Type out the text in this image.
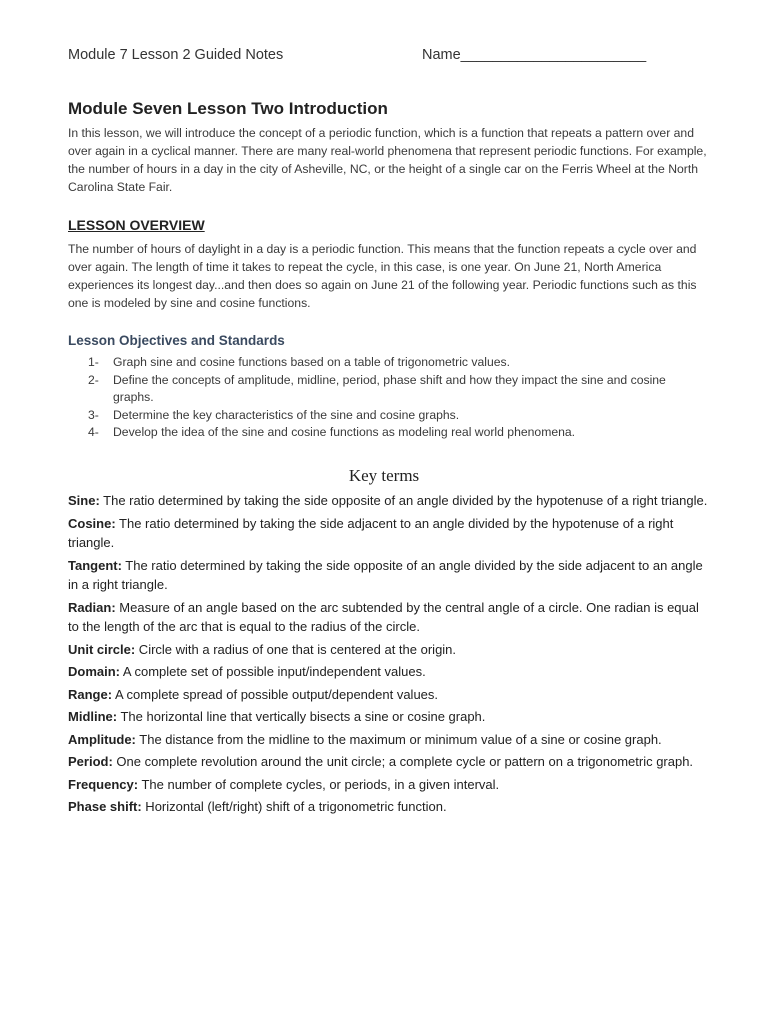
Module 7 Lesson 2 Guided Notes	Name_______________________
Module Seven Lesson Two Introduction

In this lesson, we will introduce the concept of a periodic function, which is a function that repeats a pattern over and over again in a cyclical manner. There are many real-world phenomena that represent periodic functions. For example, the number of hours in a day in the city of Asheville, NC, or the height of a single car on the Ferris Wheel at the North Carolina State Fair.

LESSON OVERVIEW

The number of hours of daylight in a day is a periodic function. This means that the function repeats a cycle over and over again. The length of time it takes to repeat the cycle, in this case, is one year. On June 21, North America experiences its longest day...and then does so again on June 21 of the following year. Periodic functions such as this one is modeled by sine and cosine functions.

Lesson Objectives and Standards
1- Graph sine and cosine functions based on a table of trigonometric values.
2- Define the concepts of amplitude, midline, period, phase shift and how they impact the sine and cosine graphs.
3- Determine the key characteristics of the sine and cosine graphs.
4- Develop the idea of the sine and cosine functions as modeling real world phenomena.
Key terms

Sine: The ratio determined by taking the side opposite of an angle divided by the hypotenuse of a right triangle.

Cosine: The ratio determined by taking the side adjacent to an angle divided by the hypotenuse of a right triangle.

Tangent: The ratio determined by taking the side opposite of an angle divided by the side adjacent to an angle in a right triangle.

Radian: Measure of an angle based on the arc subtended by the central angle of a circle. One radian is equal to the length of the arc that is equal to the radius of the circle.

Unit circle: Circle with a radius of one that is centered at the origin.

Domain: A complete set of possible input/independent values.

Range: A complete spread of possible output/dependent values.

Midline: The horizontal line that vertically bisects a sine or cosine graph.

Amplitude: The distance from the midline to the maximum or minimum value of a sine or cosine graph.

Period: One complete revolution around the unit circle; a complete cycle or pattern on a trigonometric graph.

Frequency: The number of complete cycles, or periods, in a given interval.

Phase shift: Horizontal (left/right) shift of a trigonometric function.
